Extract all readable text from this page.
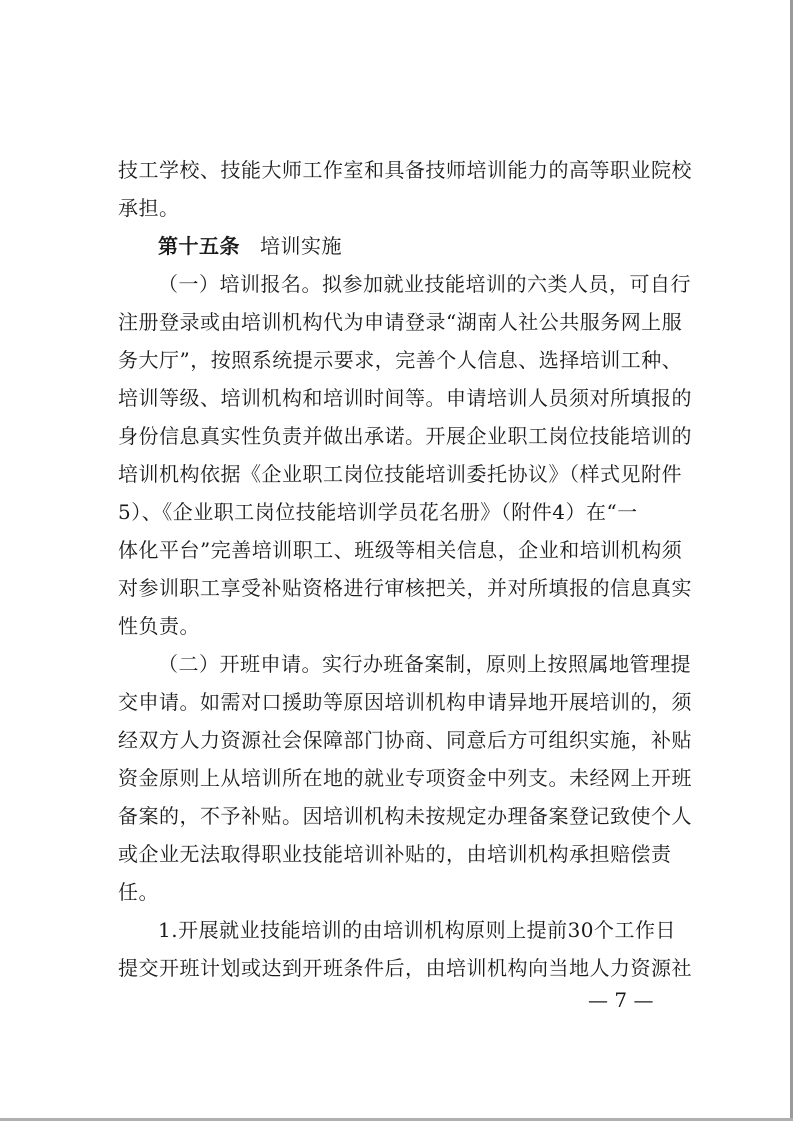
技工学校、技能大师工作室和具备技师培训能力的高等职业院校
承担。
第十五条 培训实施
（一）培训报名。拟参加就业技能培训的六类人员，可自行
注册登录或由培训机构代为申请登录“湖南人社公共服务网上服
务大厅”，按照系统提示要求，完善个人信息、选择培训工种、
培训等级、培训机构和培训时间等。申请培训人员须对所填报的
身份信息真实性负责并做出承诺。开展企业职工岗位技能培训的
培训机构依据《企业职工岗位技能培训委托协议》（样式见附件
5）、《企业职工岗位技能培训学员花名册》（附件4）在“一
体化平台”完善培训职工、班级等相关信息，企业和培训机构须
对参训职工享受补贴资格进行审核把关，并对所填报的信息真实
性负责。
（二）开班申请。实行办班备案制，原则上按照属地管理提
交申请。如需对口援助等原因培训机构申请异地开展培训的，须
经双方人力资源社会保障部门协商、同意后方可组织实施，补贴
资金原则上从培训所在地的就业专项资金中列支。未经网上开班
备案的，不予补贴。因培训机构未按规定办理备案登记致使个人
或企业无法取得职业技能培训补贴的，由培训机构承担赔偿责
任。
1.开展就业技能培训的由培训机构原则上提前30个工作日
提交开班计划或达到开班条件后，由培训机构向当地人力资源社
— 7 —
